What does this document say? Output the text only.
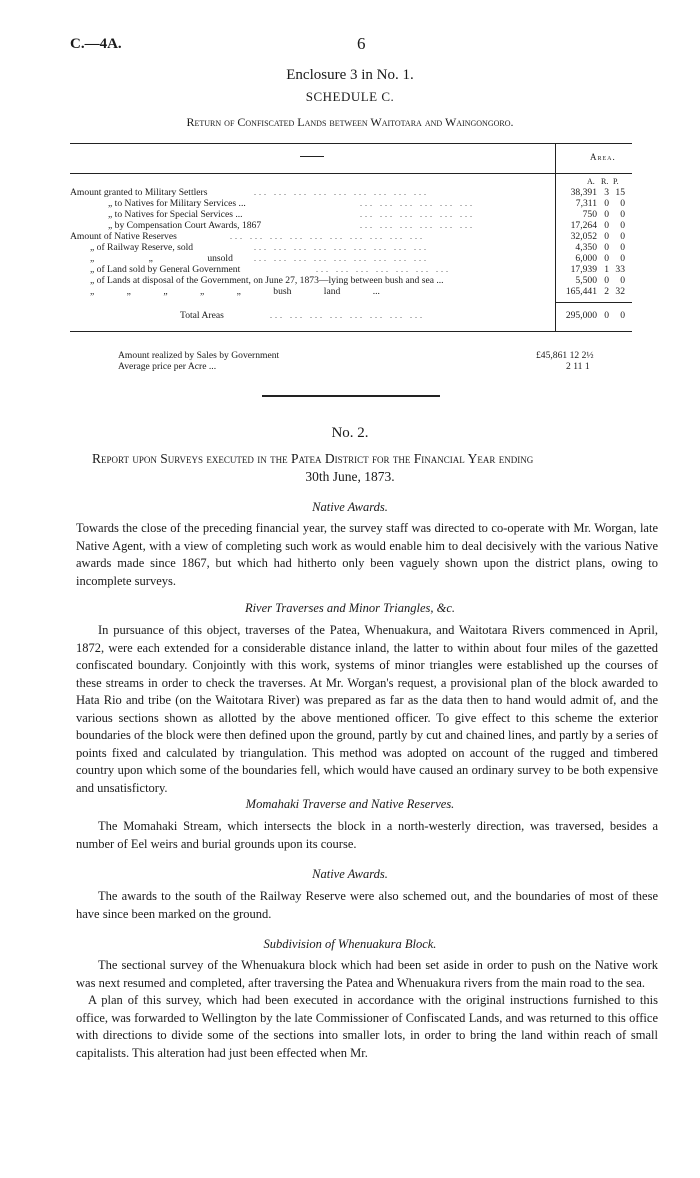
C.—4A.	6
Enclosure 3 in No. 1.
SCHEDULE C.
Return of Confiscated Lands between Waitotara and Waingongoro.
Area.
A. R. P.
Amount granted to Military Settlers	... ... ... ... ... ... ... ... ...	38,391 3 15
„ to Natives for Military Services ...	... ... ... ... ... ...	7,311 0	0
„ to Natives for Special Services ...	... ... ... ... ... ...	750 0	0
„ by Compensation Court Awards, 1867	... ... ... ... ... ...	17,264 0	0
Amount of Native Reserves	... ... ... ... ... ... ... ... ... ...	32,052 0	0
„ of Railway Reserve, sold	... ... ... ... ... ... ... ... ...	4,350 0	0
„ „ unsold	... ... ... ... ... ... ... ... ...	6,000 0	0
„ of Land sold by General Government	... ... ... ... ... ... ...	17,939 1 33
„ of Lands at disposal of the Government, on June 27, 1873—lying between bush and sea ...	5,500 0	0
„ „ „ „ „ bush land ...	165,441 2 32
Total Areas	... ... ... ... ... ... ... ...	295,000 0	0
Amount realized by Sales by Government	£45,861 12 2½
Average price per Acre ...	2 11 1
No. 2.
Report upon Surveys executed in the Patea District for the Financial Year ending
30th June, 1873.
Native Awards.
Towards the close of the preceding financial year, the survey staff was directed to co-operate with Mr. Worgan, late Native Agent, with a view of completing such work as would enable him to deal decisively with the various Native awards made since 1867, but which had hitherto only been vaguely shown upon the district plans, owing to incomplete surveys.
River Traverses and Minor Triangles, &c.
In pursuance of this object, traverses of the Patea, Whenuakura, and Waitotara Rivers commenced in April, 1872, were each extended for a considerable distance inland, the latter to within about four miles of the gazetted confiscated boundary. Conjointly with this work, systems of minor triangles were established up the courses of these streams in order to check the traverses. At Mr. Worgan's request, a provisional plan of the block awarded to Hata Rio and tribe (on the Waitotara River) was prepared as far as the data then to hand would admit of, and the various sections shown as allotted by the above mentioned officer. To give effect to this scheme the exterior boundaries of the block were then defined upon the ground, partly by cut and chained lines, and partly by a series of points fixed and calculated by triangulation. This method was adopted on account of the rugged and timbered country upon which some of the boundaries fell, which would have caused an ordinary survey to be both expensive and unsatisfictory.
Momahaki Traverse and Native Reserves.
The Momahaki Stream, which intersects the block in a north-westerly direction, was traversed, besides a number of Eel weirs and burial grounds upon its course.
Native Awards.
The awards to the south of the Railway Reserve were also schemed out, and the boundaries of most of these have since been marked on the ground.
Subdivision of Whenuakura Block.
The sectional survey of the Whenuakura block which had been set aside in order to push on the Native work was next resumed and completed, after traversing the Patea and Whenuakura rivers from the main road to the sea.
A plan of this survey, which had been executed in accordance with the original instructions furnished to this office, was forwarded to Wellington by the late Commissioner of Confiscated Lands, and was returned to this office with directions to divide some of the sections into smaller lots, in order to bring the land within reach of small capitalists. This alteration had just been effected when Mr.
